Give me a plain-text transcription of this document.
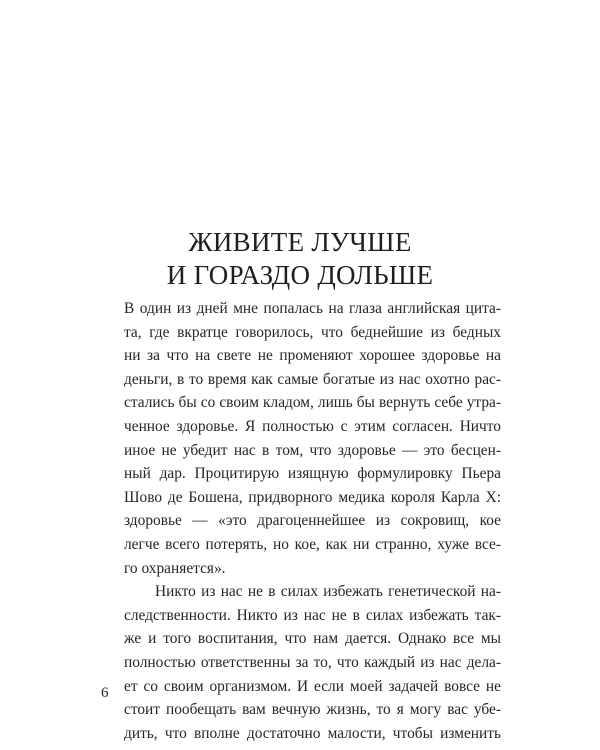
ЖИВИТЕ ЛУЧШЕ
И ГОРАЗДО ДОЛЬШЕ
В один из дней мне попалась на глаза английская цита-
та, где вкратце говорилось, что беднейшие из бедных
ни за что на свете не променяют хорошее здоровье на
деньги, в то время как самые богатые из нас охотно рас-
стались бы со своим кладом, лишь бы вернуть себе утра-
ченное здоровье. Я полностью с этим согласен. Ничто
иное не убедит нас в том, что здоровье — это бесцен-
ный дар. Процитирую изящную формулировку Пьера
Шово де Бошена, придворного медика короля Карла Х:
здоровье — «это драгоценнейшее из сокровищ, кое
легче всего потерять, но кое, как ни странно, хуже все-
го охраняется».
Никто из нас не в силах избежать генетической на-
следственности. Никто из нас не в силах избежать так-
же и того воспитания, что нам дается. Однако все мы
полностью ответственны за то, что каждый из нас дела-
ет со своим организмом. И если моей задачей вовсе не
стоит пообещать вам вечную жизнь, то я могу вас убе-
дить, что вполне достаточно малости, чтобы изменить
6
